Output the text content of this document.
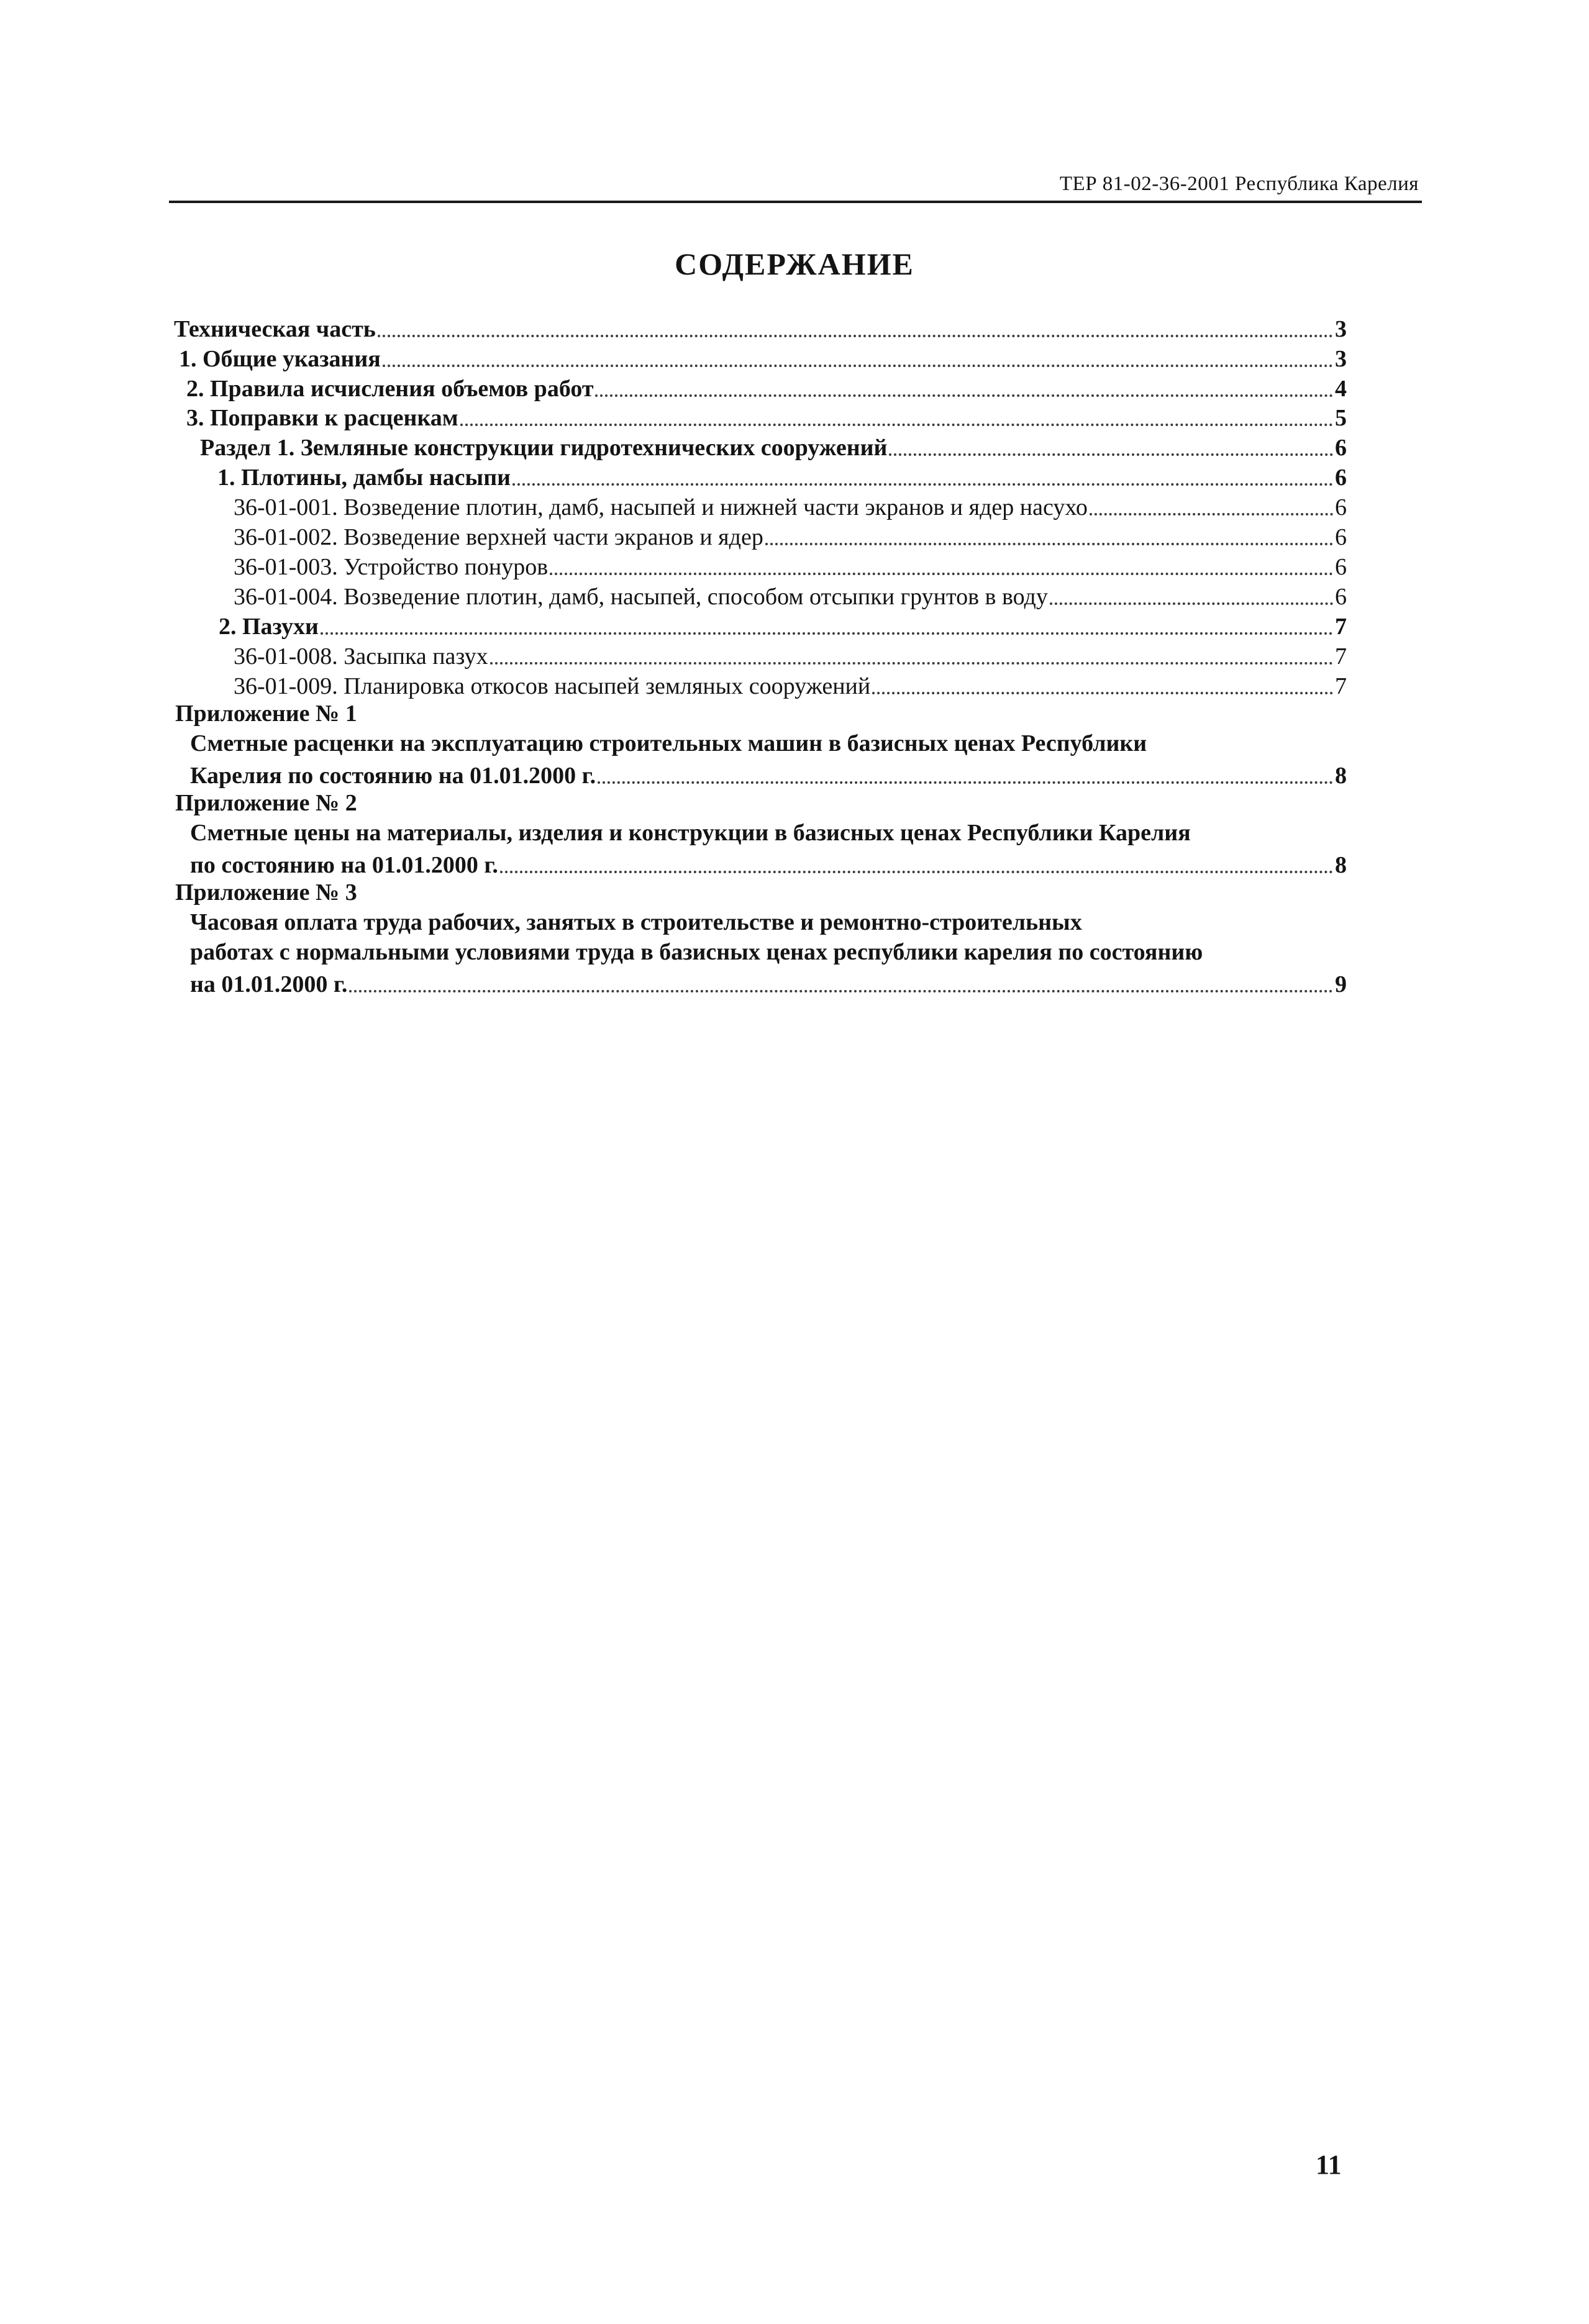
ТЕР 81-02-36-2001 Республика Карелия
СОДЕРЖАНИЕ
Техническая часть	3
1. Общие указания	3
2. Правила исчисления объемов работ	4
3. Поправки к расценкам	5
Раздел 1. Земляные конструкции гидротехнических сооружений	6
1. Плотины, дамбы насыпи	6
36-01-001. Возведение плотин, дамб, насыпей и нижней части экранов и ядер насухо	6
36-01-002. Возведение верхней части экранов и ядер	6
36-01-003. Устройство понуров	6
36-01-004. Возведение плотин, дамб, насыпей, способом отсыпки грунтов в воду	6
2. Пазухи	7
36-01-008. Засыпка пазух	7
36-01-009. Планировка откосов насыпей земляных сооружений	7
Приложение № 1
Сметные расценки на эксплуатацию строительных машин в базисных ценах Республики
Карелия по состоянию на 01.01.2000 г.	8
Приложение № 2
Сметные цены на материалы, изделия и конструкции в базисных ценах Республики Карелия
по состоянию на 01.01.2000 г.	8
Приложение № 3
Часовая оплата труда рабочих, занятых в строительстве и ремонтно-строительных
работах с нормальными условиями труда в базисных ценах республики карелия по состоянию
на 01.01.2000 г.	9
11
